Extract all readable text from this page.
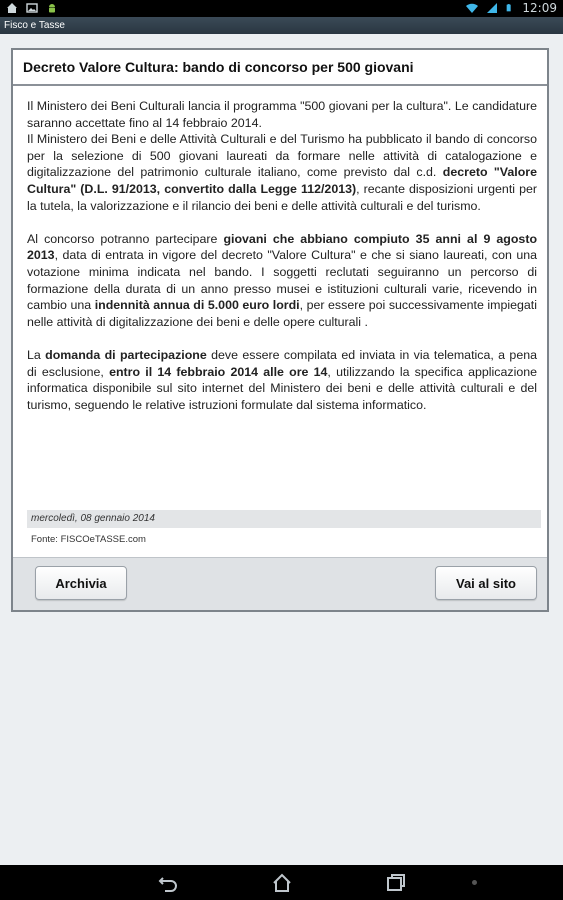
12:09
Fisco e Tasse
Decreto Valore Cultura: bando di concorso per 500 giovani

Il Ministero dei Beni Culturali lancia il programma "500 giovani per la cultura". Le candidature saranno accettate fino al 14 febbraio 2014.

Il Ministero dei Beni e delle Attività Culturali e del Turismo ha pubblicato il bando di concorso per la selezione di 500 giovani laureati da formare nelle attività di catalogazione e digitalizzazione del patrimonio culturale italiano, come previsto dal c.d. decreto "Valore Cultura" (D.L. 91/2013, convertito dalla Legge 112/2013), recante disposizioni urgenti per la tutela, la valorizzazione e il rilancio dei beni e delle attività culturali e del turismo.

Al concorso potranno partecipare giovani che abbiano compiuto 35 anni al 9 agosto 2013, data di entrata in vigore del decreto "Valore Cultura" e che si siano laureati, con una votazione minima indicata nel bando. I soggetti reclutati seguiranno un percorso di formazione della durata di un anno presso musei e istituzioni culturali varie, ricevendo in cambio una indennità annua di 5.000 euro lordi, per essere poi successivamente impiegati nelle attività di digitalizzazione dei beni e delle opere culturali .

La domanda di partecipazione deve essere compilata ed inviata in via telematica, a pena di esclusione, entro il 14 febbraio 2014 alle ore 14, utilizzando la specifica applicazione informatica disponibile sul sito internet del Ministero dei beni e delle attività culturali e del turismo, seguendo le relative istruzioni formulate dal sistema informatico.

mercoledì, 08 gennaio 2014
Fonte: FISCOeTASSE.com
Archivia	Vai al sito
